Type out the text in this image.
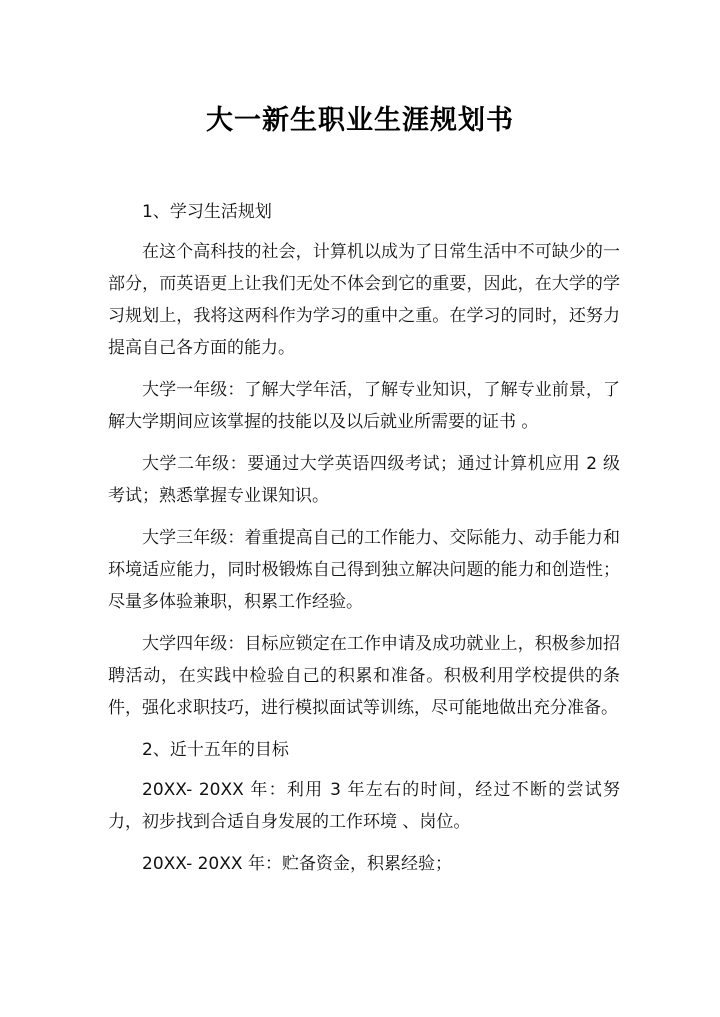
大一新生职业生涯规划书

1、学习生活规划

在这个高科技的社会，计算机以成为了日常生活中不可缺少的一部分，而英语更上让我们无处不体会到它的重要，因此，在大学的学习规划上，我将这两科作为学习的重中之重。在学习的同时，还努力提高自己各方面的能力。

大学一年级：了解大学年活，了解专业知识，了解专业前景，了解大学期间应该掌握的技能以及以后就业所需要的证书 。

大学二年级：要通过大学英语四级考试；通过计算机应用 2 级考试；熟悉掌握专业课知识。

大学三年级：着重提高自己的工作能力、交际能力、动手能力和环境适应能力，同时极锻炼自己得到独立解决问题的能力和创造性；尽量多体验兼职，积累工作经验。

大学四年级：目标应锁定在工作申请及成功就业上，积极参加招聘活动，在实践中检验自己的积累和准备。积极利用学校提供的条件，强化求职技巧，进行模拟面试等训练，尽可能地做出充分准备。

2、近十五年的目标

20XX- 20XX 年：利用 3 年左右的时间，经过不断的尝试努力，初步找到合适自身发展的工作环境 、岗位。

20XX- 20XX 年：贮备资金，积累经验；
